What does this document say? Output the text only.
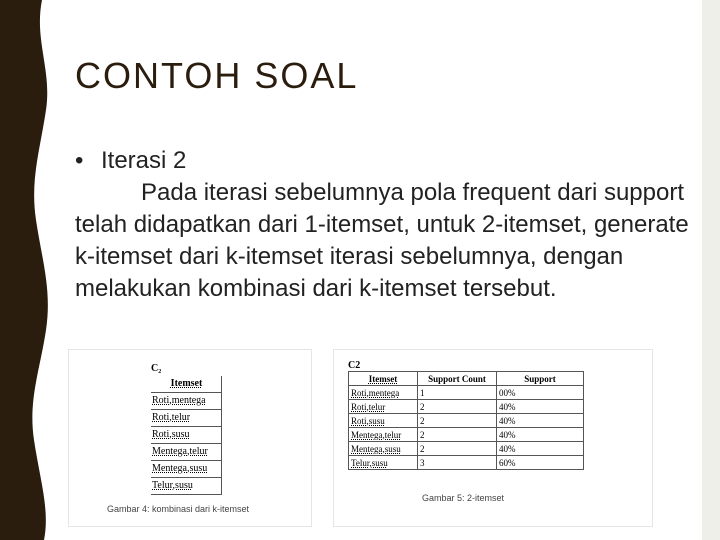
CONTOH SOAL
• Iterasi 2
Pada iterasi sebelumnya pola frequent dari support telah didapatkan dari 1-itemset, untuk 2-itemset, generate k-itemset dari k-itemset iterasi sebelumnya, dengan melakukan kombinasi dari k-itemset tersebut.
C₂
Itemset
Roti,mentega
Roti,telur
Roti,susu
Mentega,telur
Mentega,susu
Telur,susu
Gambar 4: kombinasi dari k-itemset
C2
Itemset	Support Count	Support
Roti,mentega	1	00%
Roti,telur	2	40%
Roti,susu	2	40%
Mentega,telur	2	40%
Mentega,susu	2	40%
Telur,susu	3	60%
Gambar 5: 2-itemset
